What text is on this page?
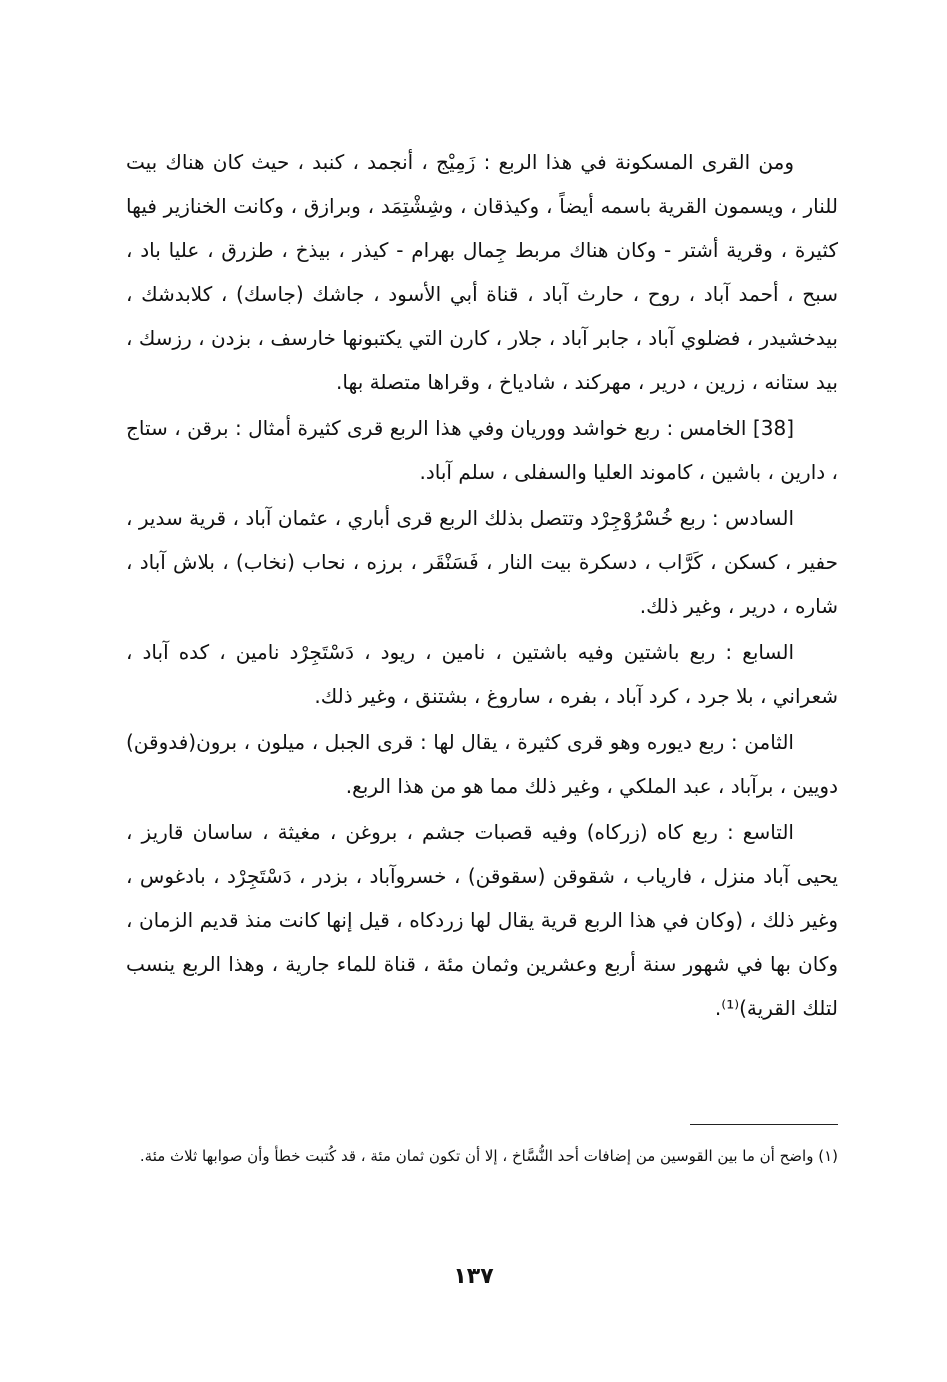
ومن القرى المسكونة في هذا الربع : زَمِيْج ، أنجمد ، كنبد ، حيث كان هناك بيت للنار ، ويسمون القرية باسمه أيضاً ، وكيذقان ، وشِشْتِمَد ، وبرازق ، وكانت الخنازير فيها كثيرة ، وقرية أشتر - وكان هناك مربط جِمال بهرام - كيذر ، بيذخ ، طزرق ، عليا باد ، سبح ، أحمد آباد ، روح ، حارث آباد ، قناة أبي الأسود ، جاشك (جاسك) ، كلابدشك ، بيدخشيدر ، فضلوي آباد ، جابر آباد ، جلار ، كارن التي يكتبونها خارسف ، بزدن ، رزسك ، بيد ستانه ، زرين ، درير ، مهركند ، شادياخ ، وقراها متصلة بها.

[38] الخامس : ربع خواشد ووريان وفي هذا الربع قرى كثيرة أمثال : برقن ، ستاج ، دارين ، باشين ، كاموند العليا والسفلى ، سلم آباد.

السادس : ربع خُسْرُوْجِرْد وتتصل بذلك الربع قرى أباري ، عثمان آباد ، قرية سدير ، حفير ، كسكن ، كَرَّاب ، دسكرة بيت النار ، فَسَنْقَر ، برزه ، نحاب (نخاب) ، بلاش آباد ، شاره ، درير ، وغير ذلك.

السابع : ربع باشتين وفيه باشتين ، نامين ، ريود ، دَسْتَجِرْد نامين ، كده آباد ، شعراني ، بلا جرد ، كرد آباد ، بفره ، ساروغ ، بشتنق ، وغير ذلك.

الثامن : ربع ديوره وهو قرى كثيرة ، يقال لها : قرى الجبل ، ميلون ، برون(فدوقن) دويين ، برآباد ، عبد الملكي ، وغير ذلك مما هو من هذا الربع.

التاسع : ربع كاه (زركاه) وفيه قصبات جشم ، بروغن ، مغيثة ، ساسان قاريز ، يحيى آباد منزل ، فارياب ، شقوقن (سقوقن) ، خسروآباد ، بزدر ، دَسْتَجِرْد ، بادغوس ، وغير ذلك ، (وكان في هذا الربع قرية يقال لها زردكاه ، قيل إنها كانت منذ قديم الزمان ، وكان بها في شهور سنة أربع وعشرين وثمان مئة ، قناة للماء جارية ، وهذا الربع ينسب لتلك القرية)⁽¹⁾.

(١) واضح أن ما بين القوسين من إضافات أحد النُّسَّاخ ، إلا أن تكون ثمان مئة ، قد كُتبت خطأ وأن صوابها ثلاث مئة.
١٣٧
